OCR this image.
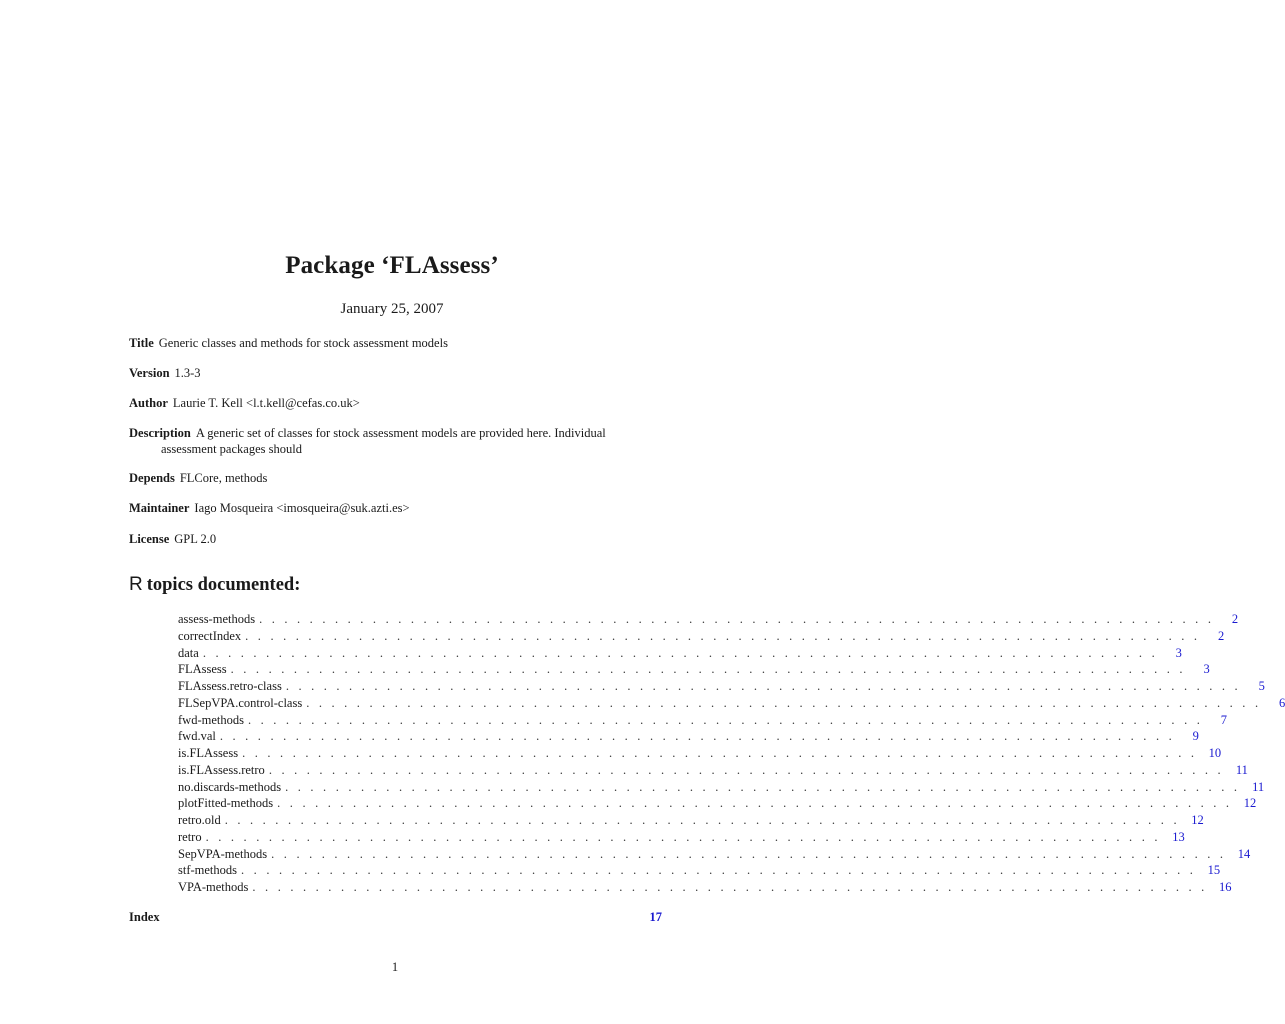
Package ‘FLAssess’
January 25, 2007
Title Generic classes and methods for stock assessment models
Version 1.3-3
Author Laurie T. Kell <l.t.kell@cefas.co.uk>
Description A generic set of classes for stock assessment models are provided here. Individual
assessment packages should
Depends FLCore, methods
Maintainer Iago Mosqueira <imosqueira@suk.azti.es>
License GPL 2.0
R topics documented:
assess-methods . . . . . . . . . . . . . . . . . . . . . . . . . . . . . . . . . . . . . . . . . . . . . . . . . . . . . . . . . . . . . . . . . . . . . . . . . . . .	2
correctIndex . . . . . . . . . . . . . . . . . . . . . . . . . . . . . . . . . . . . . . . . . . . . . . . . . . . . . . . . . . . . . . . . . . . . . . . . . . . .	2
data . . . . . . . . . . . . . . . . . . . . . . . . . . . . . . . . . . . . . . . . . . . . . . . . . . . . . . . . . . . . . . . . . . . . . . . . . . . .	3
FLAssess . . . . . . . . . . . . . . . . . . . . . . . . . . . . . . . . . . . . . . . . . . . . . . . . . . . . . . . . . . . . . . . . . . . . . . . . . . . .	3
FLAssess.retro-class . . . . . . . . . . . . . . . . . . . . . . . . . . . . . . . . . . . . . . . . . . . . . . . . . . . . . . . . . . . . . . . . . . . . . . . . . . . .	5
FLSepVPA.control-class . . . . . . . . . . . . . . . . . . . . . . . . . . . . . . . . . . . . . . . . . . . . . . . . . . . . . . . . . . . . . . . . . . . . . . . . . . . .	6
fwd-methods . . . . . . . . . . . . . . . . . . . . . . . . . . . . . . . . . . . . . . . . . . . . . . . . . . . . . . . . . . . . . . . . . . . . . . . . . . . .	7
fwd.val . . . . . . . . . . . . . . . . . . . . . . . . . . . . . . . . . . . . . . . . . . . . . . . . . . . . . . . . . . . . . . . . . . . . . . . . . . . .	9
is.FLAssess . . . . . . . . . . . . . . . . . . . . . . . . . . . . . . . . . . . . . . . . . . . . . . . . . . . . . . . . . . . . . . . . . . . . . . . . . . . . 10
is.FLAssess.retro . . . . . . . . . . . . . . . . . . . . . . . . . . . . . . . . . . . . . . . . . . . . . . . . . . . . . . . . . . . . . . . . . . . . . . . . . . . . 11
no.discards-methods . . . . . . . . . . . . . . . . . . . . . . . . . . . . . . . . . . . . . . . . . . . . . . . . . . . . . . . . . . . . . . . . . . . . . . . . . . . . 11
plotFitted-methods . . . . . . . . . . . . . . . . . . . . . . . . . . . . . . . . . . . . . . . . . . . . . . . . . . . . . . . . . . . . . . . . . . . . . . . . . . . . 12
retro.old . . . . . . . . . . . . . . . . . . . . . . . . . . . . . . . . . . . . . . . . . . . . . . . . . . . . . . . . . . . . . . . . . . . . . . . . . . . . 12
retro . . . . . . . . . . . . . . . . . . . . . . . . . . . . . . . . . . . . . . . . . . . . . . . . . . . . . . . . . . . . . . . . . . . . . . . . . . . . 13
SepVPA-methods . . . . . . . . . . . . . . . . . . . . . . . . . . . . . . . . . . . . . . . . . . . . . . . . . . . . . . . . . . . . . . . . . . . . . . . . . . . . 14
stf-methods . . . . . . . . . . . . . . . . . . . . . . . . . . . . . . . . . . . . . . . . . . . . . . . . . . . . . . . . . . . . . . . . . . . . . . . . . . . . 15
VPA-methods . . . . . . . . . . . . . . . . . . . . . . . . . . . . . . . . . . . . . . . . . . . . . . . . . . . . . . . . . . . . . . . . . . . . . . . . . . . . 16
Index	17
1
